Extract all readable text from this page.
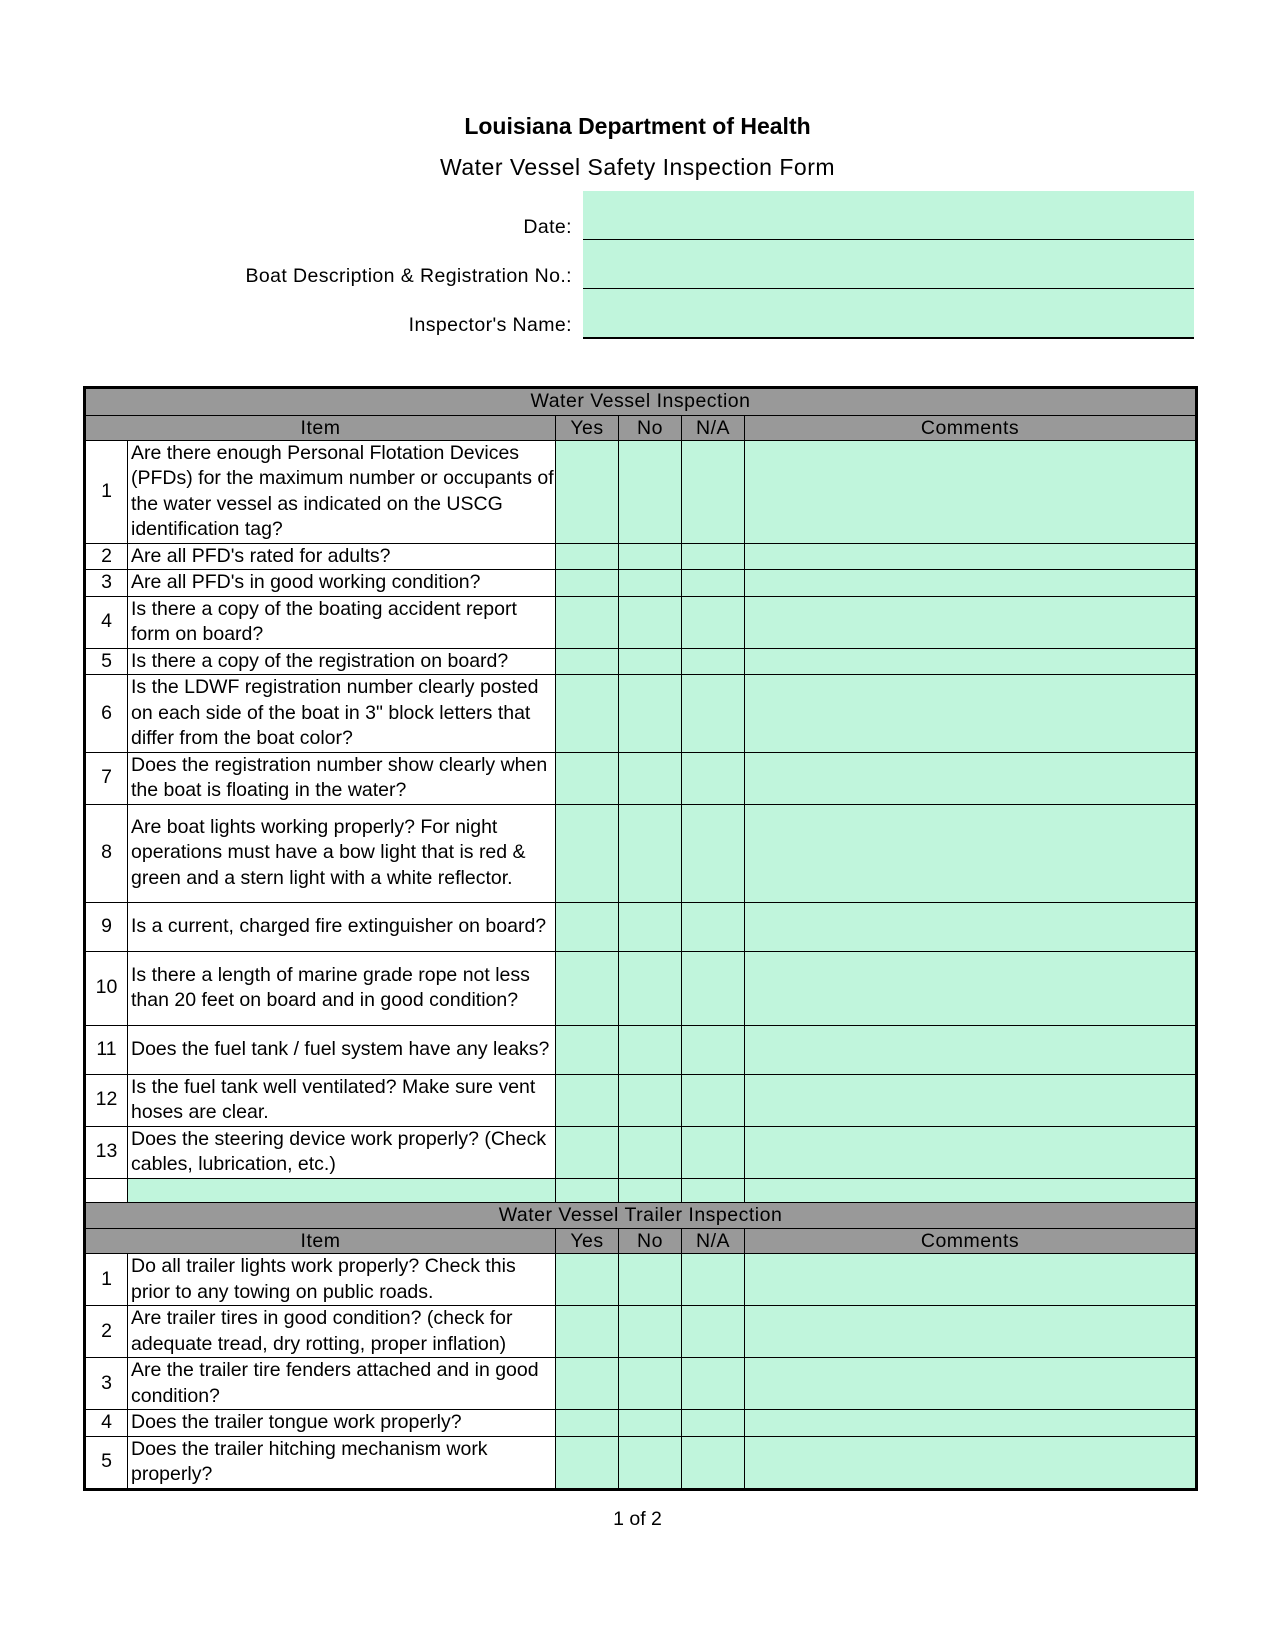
Louisiana Department of Health
Water Vessel Safety Inspection Form
Date:
Boat Description & Registration No.:
Inspector's Name:
Water Vessel Inspection					
Item		Yes	No	N/A	Comments
1	Are there enough Personal Flotation Devices (PFDs) for the maximum number or occupants of the water vessel as indicated on the USCG identification tag?				
2	Are all PFD's rated for adults?				
3	Are all PFD's in good working condition?				
4	Is there a copy of the boating accident report form on board?				
5	Is there a copy of the registration on board?				
6	Is the LDWF registration number clearly posted on each side of the boat in 3" block letters that differ from the boat color?				
7	Does the registration number show clearly when the boat is floating in the water?				
8	Are boat lights working properly? For night operations must have a bow light that is red & green and a stern light with a white reflector.				
9	Is a current, charged fire extinguisher on board?				
10	Is there a length of marine grade rope not less than 20 feet on board and in good condition?				
11	Does the fuel tank / fuel system have any leaks?				
12	Is the fuel tank well ventilated? Make sure vent hoses are clear.				
13	Does the steering device work properly? (Check cables, lubrication, etc.)				

Water Vessel Trailer Inspection					
Item		Yes	No	N/A	Comments
1	Do all trailer lights work properly? Check this prior to any towing on public roads.				
2	Are trailer tires in good condition? (check for adequate tread, dry rotting, proper inflation)				
3	Are the trailer tire fenders attached and in good condition?				
4	Does the trailer tongue work properly?				
5	Does the trailer hitching mechanism work properly?				
1 of 2
